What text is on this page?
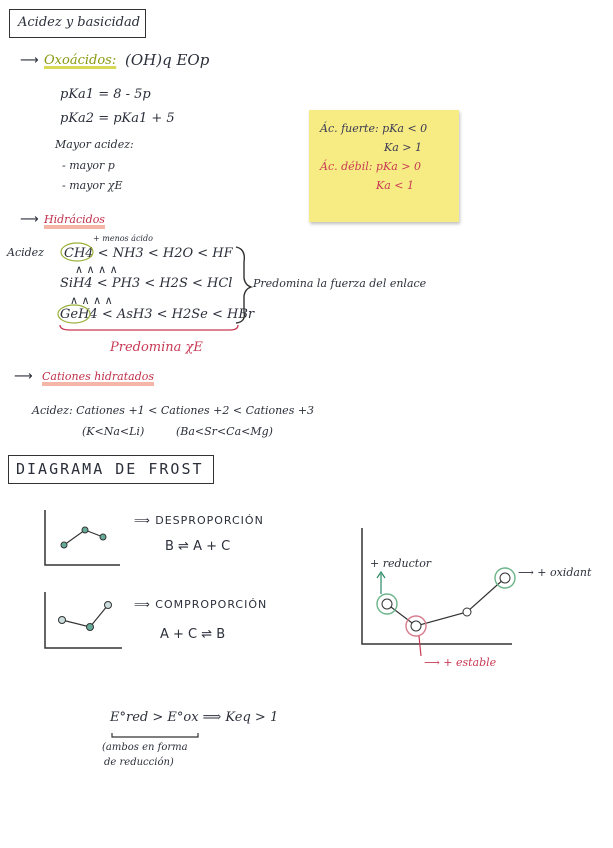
Acidez y basicidad
⟶ Oxoácidos: (OH)q EOp
pKa1 = 8 - 5p
pKa2 = pKa1 + 5
Mayor acidez:
- mayor p
- mayor χE
Ác. fuerte: pKa < 0
Ka > 1
Ác. débil: pKa > 0
Ka < 1
⟶ Hidrácidos
Acidez
+ menos ácido
CH4 < NH3 < H2O < HF
∧ ∧ ∧ ∧
SiH4 < PH3 < H2S < HCl
∧ ∧ ∧ ∧
GeH4 < AsH3 < H2Se < HBr
Predomina la fuerza del enlace
Predomina χE
⟶ Cationes hidratados
Acidez: Cationes +1 < Cationes +2 < Cationes +3
(K<Na<Li)	(Ba<Sr<Ca<Mg)
DIAGRAMA DE FROST
⟹ DESPROPORCIÓN
B ⇌ A + C
⟹ COMPROPORCIÓN
A + C ⇌ B
+ reductor
⟶ + oxidant
⟶ + estable
E°red > E°ox ⟹ Keq > 1
(ambos en forma
de reducción)
